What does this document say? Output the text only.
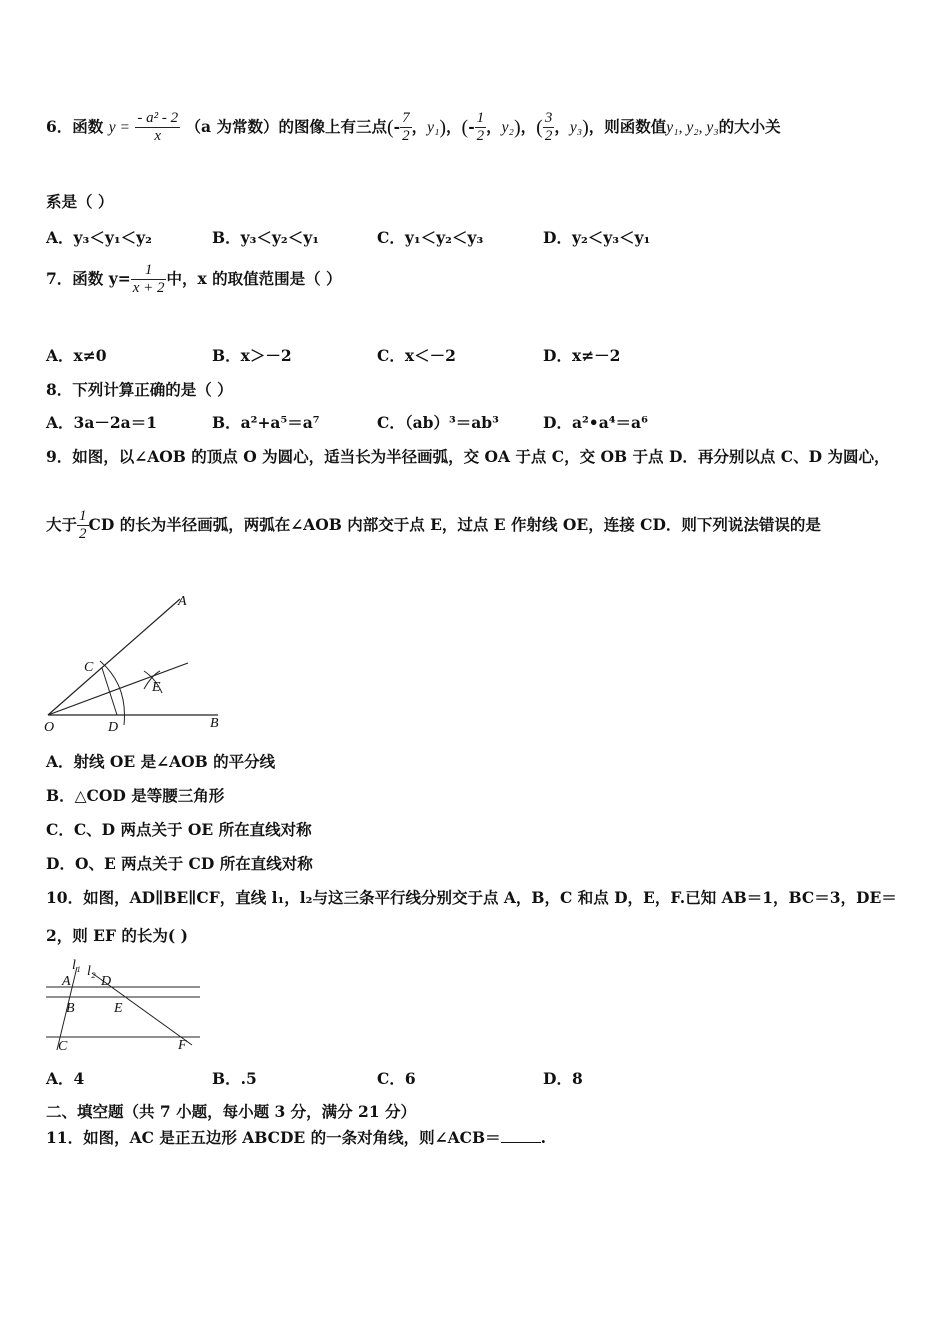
6．函数 $y = \frac{\text{- a² - 2}}{x} (a$ 为常数）的图像上有三点(- $\frac{7}{2}$ ，y₁)，(- $\frac{1}{2}$ ，y₂)，( $\frac{3}{2}$ ，y₃)，则函数值y₁, y₂, y₃的大小关
系是（ ）
A．y₃＜y₁＜y₂	B．y₃＜y₂＜y₁	C．y₁＜y₂＜y₃	D．y₂＜y₃＜y₁
7．函数 $y= \frac{1}{x + 2}$ 中，x 的取值范围是（ ）
A．x≠0	B．x＞－2	C．x＜－2	D．x≠－2
8．下列计算正确的是（ ）
A．3a－2a＝1	B．a²+a⁵＝a⁷	C．（ab）³＝ab³	D．a²•a⁴＝a⁶
9．如图，以∠AOB 的顶点 O 为圆心，适当长为半径画弧，交 OA 于点 C，交 OB 于点 D．再分别以点 C、D 为圆心，
大于 $\frac{1}{2}$ CD 的长为半径画弧，两弧在∠AOB 内部交于点 E，过点 E 作射线 OE，连接 CD．则下列说法错误的是
A
B
C
D
E
O
A．射线 OE 是∠AOB 的平分线
B．△COD 是等腰三角形
C．C、D 两点关于 OE 所在直线对称
D．O、E 两点关于 CD 所在直线对称
10．如图，AD∥BE∥CF，直线 l₁，l₂与这三条平行线分别交于点 A，B，C 和点 D，E，F.已知 AB＝1，BC＝3，DE＝
2，则 EF 的长为( )
l₁ l₂
A D
B	E
C	F
A．4	B．.5	C．6	D．8
二、填空题（共 7 小题，每小题 3 分，满分 21 分）
11．如图，AC 是正五边形 ABCDE 的一条对角线，则∠ACB＝	.
